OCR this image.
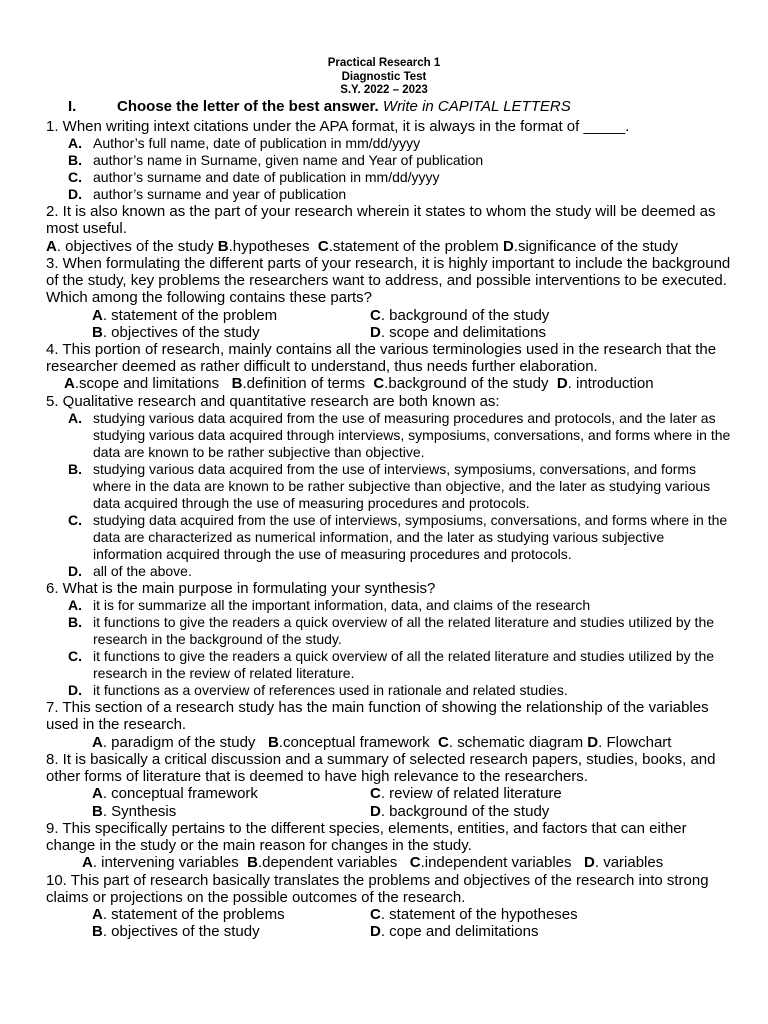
Practical Research 1
Diagnostic Test
S.Y. 2022 – 2023
I.	Choose the letter of the best answer. Write in CAPITAL LETTERS

1. When writing intext citations under the APA format, it is always in the format of _____.

A. Author’s full name, date of publication in mm/dd/yyyy

B. author’s name in Surname, given name and Year of publication

C. author’s surname and date of publication in mm/dd/yyyy

D. author’s surname and year of publication

2. It is also known as the part of your research wherein it states to whom the study will be deemed as most useful.

A. objectives of the study B.hypotheses  C.statement of the problem D.significance of the study

3. When formulating the different parts of your research, it is highly important to include the background of the study, key problems the researchers want to address, and possible interventions to be executed. Which among the following contains these parts?

A. statement of the problem	C. background of the study
B. objectives of the study	D. scope and delimitations

4. This portion of research, mainly contains all the various terminologies used in the research that the researcher deemed as rather difficult to understand, thus needs further elaboration.

A.scope and limitations   B.definition of terms  C.background of the study  D. introduction

5. Qualitative research and quantitative research are both known as:

A. studying various data acquired from the use of measuring procedures and protocols, and the later as studying various data acquired through interviews, symposiums, conversations, and forms where in the data are known to be rather subjective than objective.

B. studying various data acquired from the use of interviews, symposiums, conversations, and forms where in the data are known to be rather subjective than objective, and the later as studying various data acquired through the use of measuring procedures and protocols.

C. studying data acquired from the use of interviews, symposiums, conversations, and forms where in the data are characterized as numerical information, and the later as studying various subjective information acquired through the use of measuring procedures and protocols.

D. all of the above.

6. What is the main purpose in formulating your synthesis?

A. it is for summarize all the important information, data, and claims of the research

B. it functions to give the readers a quick overview of all the related literature and studies utilized by the research in the background of the study.

C. it functions to give the readers a quick overview of all the related literature and studies utilized by the research in the review of related literature.

D. it functions as a overview of references used in rationale and related studies.

7. This section of a research study has the main function of showing the relationship of the variables used in the research.

A. paradigm of the study   B.conceptual framework  C. schematic diagram D. Flowchart

8. It is basically a critical discussion and a summary of selected research papers, studies, books, and other forms of literature that is deemed to have high relevance to the researchers.

A. conceptual framework	C. review of related literature
B. Synthesis	D. background of the study

9. This specifically pertains to the different species, elements, entities, and factors that can either change in the study or the main reason for changes in the study.

A. intervening variables  B.dependent variables   C.independent variables   D. variables

10. This part of research basically translates the problems and objectives of the research into strong claims or projections on the possible outcomes of the research.

A. statement of the problems	C. statement of the hypotheses
B. objectives of the study	D. cope and delimitations
